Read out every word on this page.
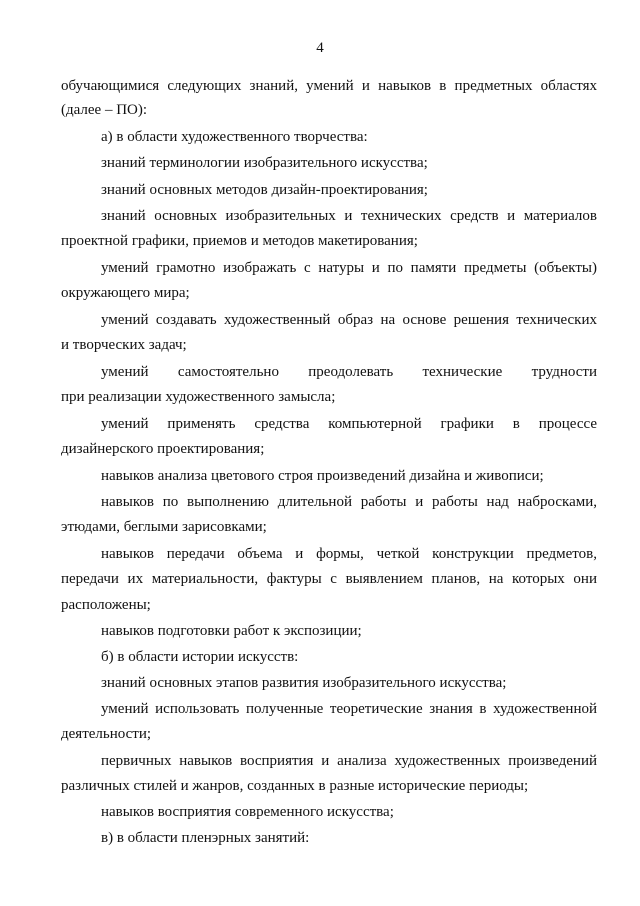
4
обучающимися следующих знаний, умений и навыков в предметных областях
(далее – ПО):
а) в области художественного творчества:
знаний терминологии изобразительного искусства;
знаний основных методов дизайн-проектирования;
знаний основных изобразительных и технических средств и материалов
проектной графики, приемов и методов макетирования;
умений грамотно изображать с натуры и по памяти предметы (объекты)
окружающего мира;
умений создавать художественный образ на основе решения технических
и творческих задач;
умений самостоятельно преодолевать технические трудности
при реализации художественного замысла;
умений применять средства компьютерной графики в процессе
дизайнерского проектирования;
навыков анализа цветового строя произведений дизайна и живописи;
навыков по выполнению длительной работы и работы над набросками,
этюдами, беглыми зарисовками;
навыков передачи объема и формы, четкой конструкции предметов,
передачи их материальности, фактуры с выявлением планов, на которых они
расположены;
навыков подготовки работ к экспозиции;
б) в области истории искусств:
знаний основных этапов развития изобразительного искусства;
умений использовать полученные теоретические знания в художественной
деятельности;
первичных навыков восприятия и анализа художественных произведений
различных стилей и жанров, созданных в разные исторические периоды;
навыков восприятия современного искусства;
в) в области пленэрных занятий:
